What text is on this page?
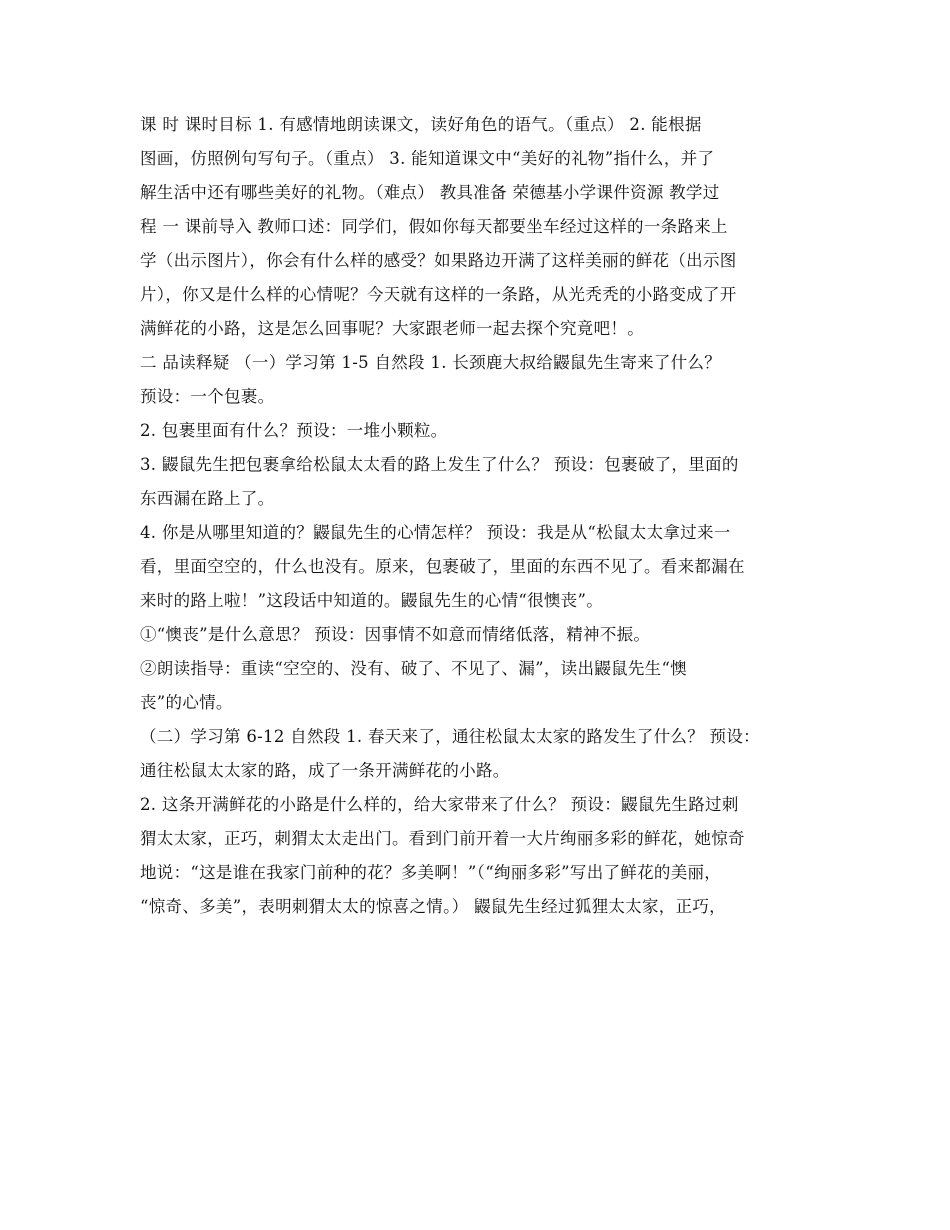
课 时 课时目标 1. 有感情地朗读课文，读好角色的语气。（重点） 2. 能根据
图画，仿照例句写句子。（重点） 3. 能知道课文中“美好的礼物”指什么，并了
解生活中还有哪些美好的礼物。（难点） 教具准备 荣德基小学课件资源 教学过
程 一 课前导入 教师口述：同学们，假如你每天都要坐车经过这样的一条路来上
学（出示图片），你会有什么样的感受？如果路边开满了这样美丽的鲜花（出示图
片），你又是什么样的心情呢？今天就有这样的一条路，从光秃秃的小路变成了开
满鲜花的小路，这是怎么回事呢？大家跟老师一起去探个究竟吧！。
二 品读释疑 （一）学习第 1-5 自然段 1. 长颈鹿大叔给鼹鼠先生寄来了什么？
预设：一个包裹。
2. 包裹里面有什么？预设：一堆小颗粒。
3. 鼹鼠先生把包裹拿给松鼠太太看的路上发生了什么？ 预设：包裹破了，里面的
东西漏在路上了。
4. 你是从哪里知道的？鼹鼠先生的心情怎样？ 预设：我是从“松鼠太太拿过来一
看，里面空空的，什么也没有。原来，包裹破了，里面的东西不见了。看来都漏在
来时的路上啦！”这段话中知道的。鼹鼠先生的心情“很懊丧”。
①“懊丧”是什么意思？ 预设：因事情不如意而情绪低落，精神不振。
②朗读指导：重读“空空的、没有、破了、不见了、漏”，读出鼹鼠先生“懊
丧”的心情。
（二）学习第 6-12 自然段 1. 春天来了，通往松鼠太太家的路发生了什么？ 预设：
通往松鼠太太家的路，成了一条开满鲜花的小路。
2. 这条开满鲜花的小路是什么样的，给大家带来了什么？ 预设：鼹鼠先生路过刺
猬太太家，正巧，刺猬太太走出门。看到门前开着一大片绚丽多彩的鲜花，她惊奇
地说：“这是谁在我家门前种的花？多美啊！”（“绚丽多彩”写出了鲜花的美丽，
“惊奇、多美”，表明刺猬太太的惊喜之情。） 鼹鼠先生经过狐狸太太家，正巧，
